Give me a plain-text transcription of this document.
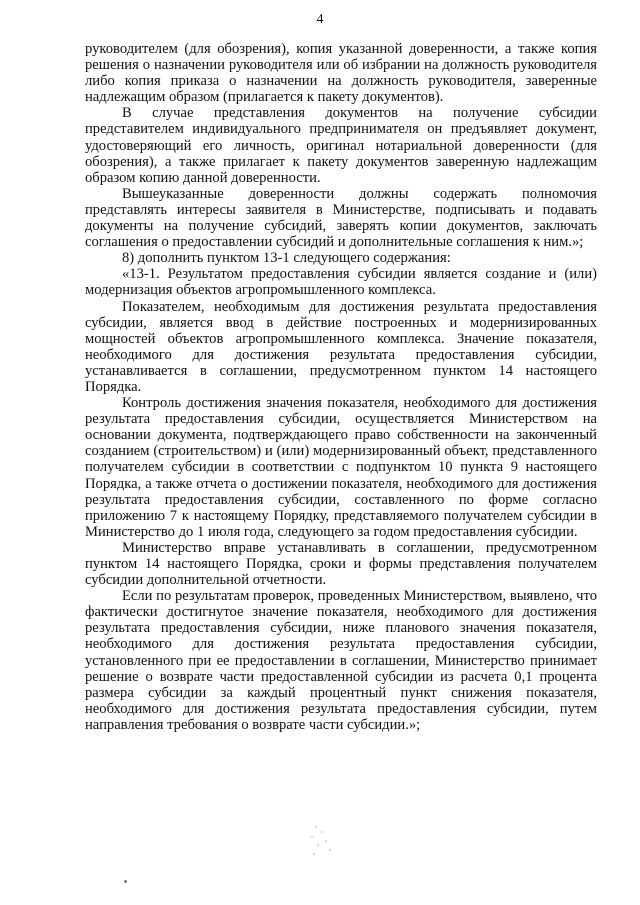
4

руководителем (для обозрения), копия указанной доверенности, а также копия решения о назначении руководителя или об избрании на должность руководителя либо копия приказа о назначении на должность руководителя, заверенные надлежащим образом (прилагается к пакету документов).

В случае представления документов на получение субсидии представителем индивидуального предпринимателя он предъявляет документ, удостоверяющий его личность, оригинал нотариальной доверенности (для обозрения), а также прилагает к пакету документов заверенную надлежащим образом копию данной доверенности.

Вышеуказанные доверенности должны содержать полномочия представлять интересы заявителя в Министерстве, подписывать и подавать документы на получение субсидий, заверять копии документов, заключать соглашения о предоставлении субсидий и дополнительные соглашения к ним.»;

8) дополнить пунктом 13-1 следующего содержания:

«13-1. Результатом предоставления субсидии является создание и (или) модернизация объектов агропромышленного комплекса.

Показателем, необходимым для достижения результата предоставления субсидии, является ввод в действие построенных и модернизированных мощностей объектов агропромышленного комплекса. Значение показателя, необходимого для достижения результата предоставления субсидии, устанавливается в соглашении, предусмотренном пунктом 14 настоящего Порядка.

Контроль достижения значения показателя, необходимого для достижения результата предоставления субсидии, осуществляется Министерством на основании документа, подтверждающего право собственности на законченный созданием (строительством) и (или) модернизированный объект, представленного получателем субсидии в соответствии с подпунктом 10 пункта 9 настоящего Порядка, а также отчета о достижении показателя, необходимого для достижения результата предоставления субсидии, составленного по форме согласно приложению 7 к настоящему Порядку, представляемого получателем субсидии в Министерство до 1 июля года, следующего за годом предоставления субсидии.

Министерство вправе устанавливать в соглашении, предусмотренном пунктом 14 настоящего Порядка, сроки и формы представления получателем субсидии дополнительной отчетности.

Если по результатам проверок, проведенных Министерством, выявлено, что фактически достигнутое значение показателя, необходимого для достижения результата предоставления субсидии, ниже планового значения показателя, необходимого для достижения результата предоставления субсидии, установленного при ее предоставлении в соглашении, Министерство принимает решение о возврате части предоставленной субсидии из расчета 0,1 процента размера субсидии за каждый процентный пункт снижения показателя, необходимого для достижения результата предоставления субсидии, путем направления требования о возврате части субсидии.»;
